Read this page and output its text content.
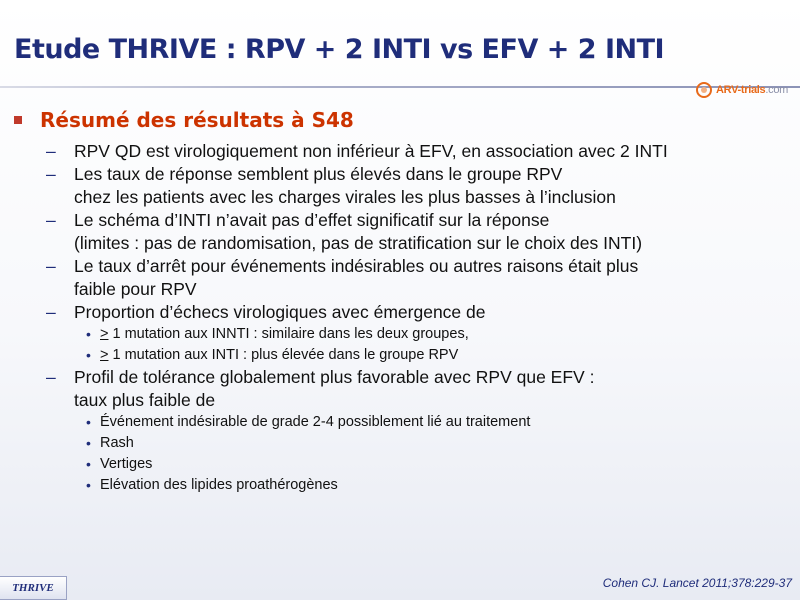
Etude THRIVE : RPV + 2 INTI vs EFV + 2 INTI
ARV-trials.com
Résumé des résultats à S48
– RPV QD est virologiquement non inférieur à EFV, en association avec 2 INTI
– Les taux de réponse semblent plus élevés dans le groupe RPV
chez les patients avec les charges virales les plus basses à l’inclusion
– Le schéma d’INTI n’avait pas d’effet significatif sur la réponse
(limites : pas de randomisation, pas de stratification sur le choix des INTI)
– Le taux d’arrêt pour événements indésirables ou autres raisons était plus
faible pour RPV
– Proportion d’échecs virologiques avec émergence de
• ≥ 1 mutation aux INNTI : similaire dans les deux groupes,
• ≥ 1 mutation aux INTI : plus élevée dans le groupe RPV
– Profil de tolérance globalement plus favorable avec RPV que EFV :
taux plus faible de
• Événement indésirable de grade 2-4 possiblement lié au traitement
• Rash
• Vertiges
• Elévation des lipides proathérogènes
THRIVE	Cohen CJ. Lancet 2011;378:229-37
